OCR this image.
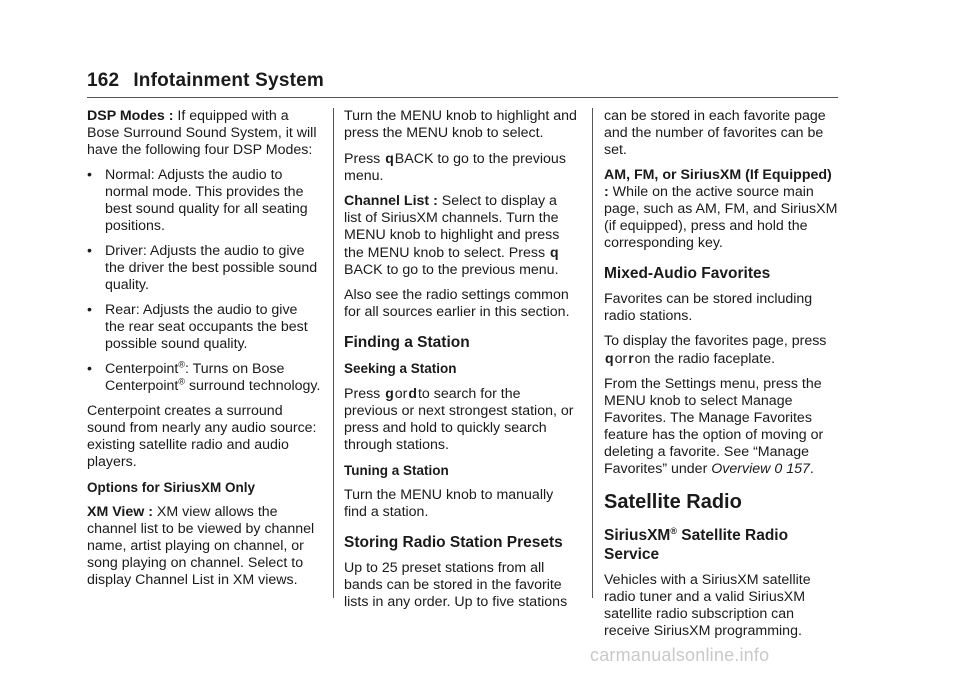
162 Infotainment System

DSP Modes : If equipped with a Bose Surround Sound System, it will have the following four DSP Modes:

• Normal: Adjusts the audio to normal mode. This provides the best sound quality for all seating positions.
• Driver: Adjusts the audio to give the driver the best possible sound quality.
• Rear: Adjusts the audio to give the rear seat occupants the best possible sound quality.
• Centerpoint®: Turns on Bose Centerpoint® surround technology.

Centerpoint creates a surround sound from nearly any audio source: existing satellite radio and audio players.

Options for SiriusXM Only

XM View : XM view allows the channel list to be viewed by channel name, artist playing on channel, or song playing on channel. Select to display Channel List in XM views.

Turn the MENU knob to highlight and press the MENU knob to select.

Press qBACK to go to the previous menu.

Channel List : Select to display a list of SiriusXM channels. Turn the MENU knob to highlight and press the MENU knob to select. Press qBACK to go to the previous menu.

Also see the radio settings common for all sources earlier in this section.

Finding a Station

Seeking a Station

Press gordto search for the previous or next strongest station, or press and hold to quickly search through stations.

Tuning a Station

Turn the MENU knob to manually find a station.

Storing Radio Station Presets

Up to 25 preset stations from all bands can be stored in the favorite lists in any order. Up to five stations

can be stored in each favorite page and the number of favorites can be set.

AM, FM, or SiriusXM (If Equipped) : While on the active source main page, such as AM, FM, and SiriusXM (if equipped), press and hold the corresponding key.

Mixed-Audio Favorites

Favorites can be stored including radio stations.

To display the favorites page, press qorron the radio faceplate.

From the Settings menu, press the MENU knob to select Manage Favorites. The Manage Favorites feature has the option of moving or deleting a favorite. See “Manage Favorites” under Overview 0 157.

Satellite Radio
SiriusXM® Satellite Radio Service

Vehicles with a SiriusXM satellite radio tuner and a valid SiriusXM satellite radio subscription can receive SiriusXM programming.

carmanualsonline.info
